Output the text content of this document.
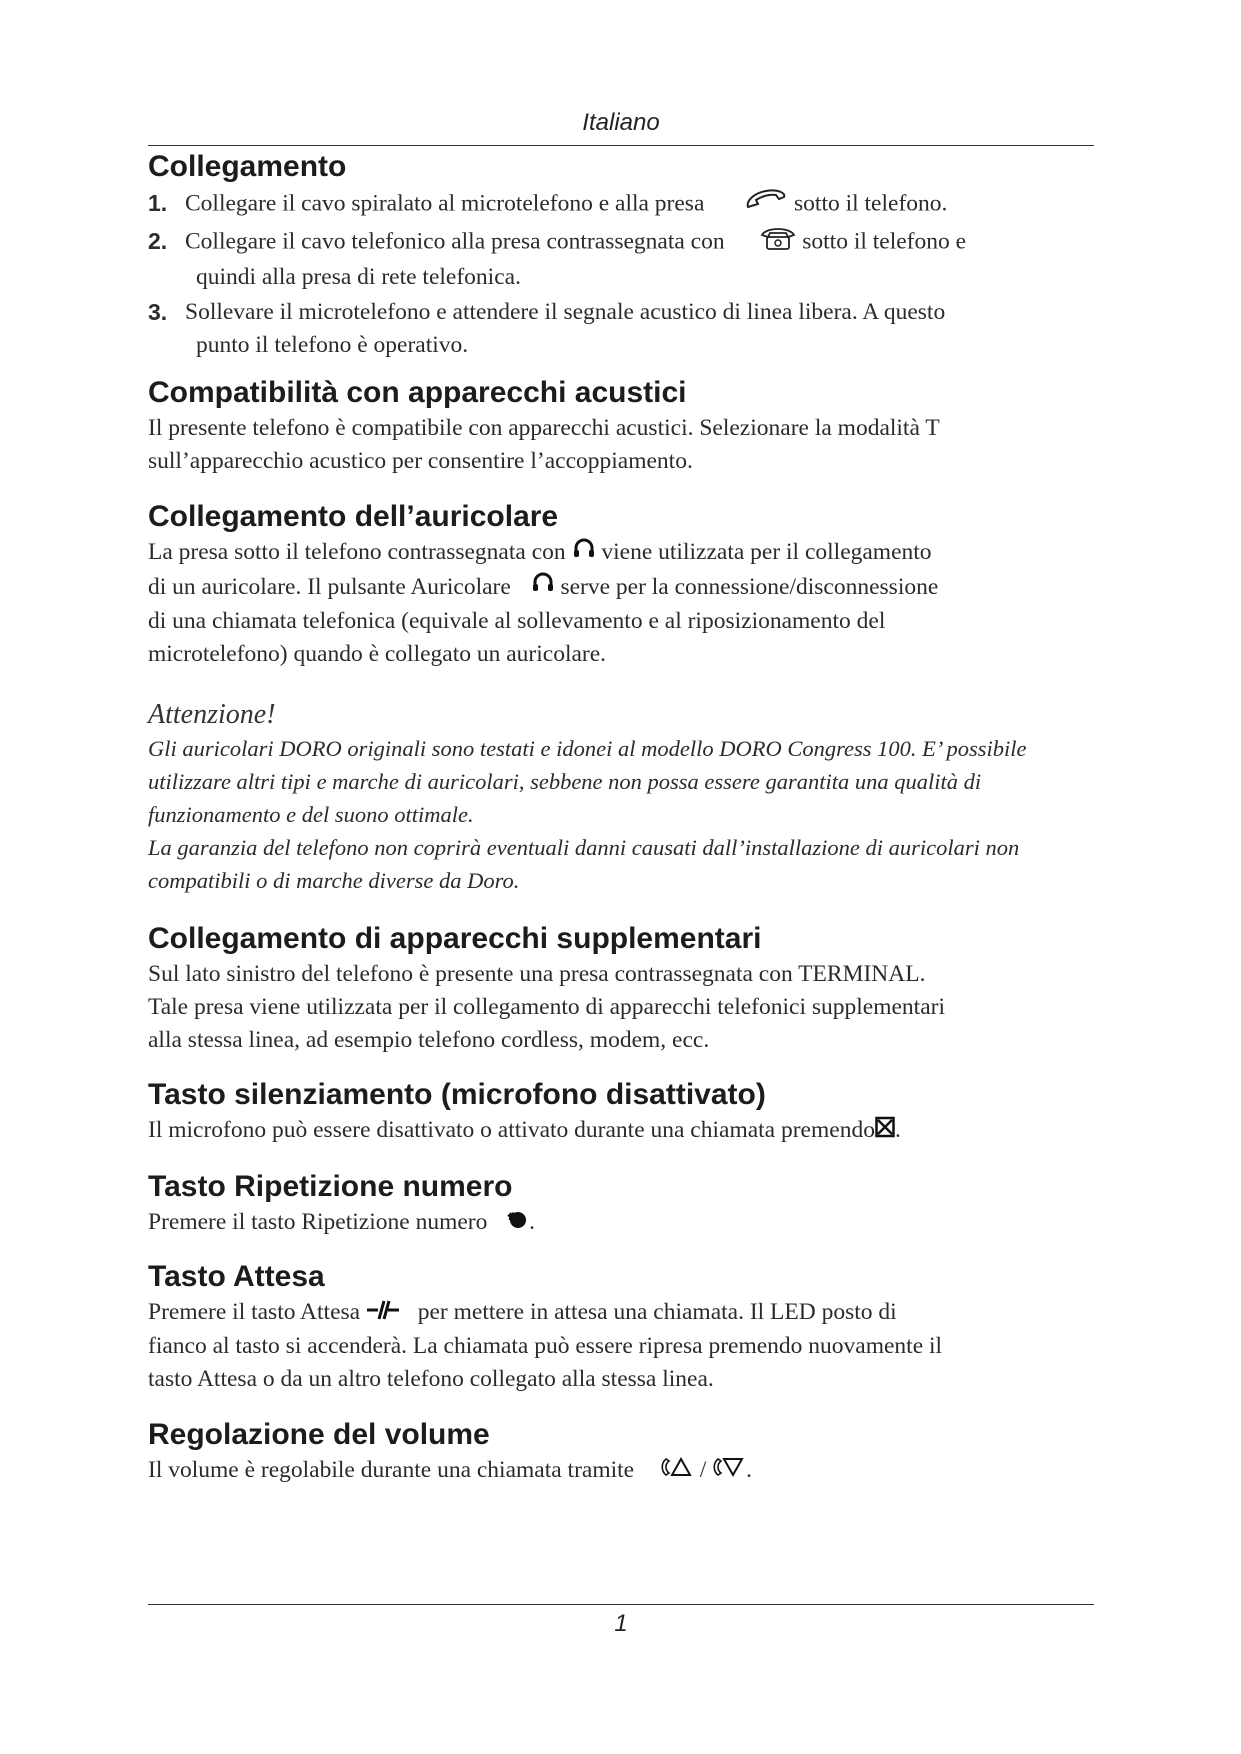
Italiano
Collegamento
1. Collegare il cavo spiralato al microtelefono e alla presa	sotto il telefono.
2. Collegare il cavo telefonico alla presa contrassegnata con	sotto il telefono e
quindi alla presa di rete telefonica.
3. Sollevare il microtelefono e attendere il segnale acustico di linea libera. A questo
punto il telefono è operativo.
Compatibilità con apparecchi acustici

Il presente telefono è compatibile con apparecchi acustici. Selezionare la modalità T

sull’apparecchio acustico per consentire l’accoppiamento.

Collegamento dell’auricolare

La presa sotto il telefono contrassegnata con viene utilizzata per il collegamento

di un auricolare. Il pulsante Auricolare serve per la connessione/disconnessione

di una chiamata telefonica (equivale al sollevamento e al riposizionamento del

microtelefono) quando è collegato un auricolare.

Attenzione!
Gli auricolari DORO originali sono testati e idonei al modello DORO Congress 100. E’ possibile
utilizzare altri tipi e marche di auricolari, sebbene non possa essere garantita una qualità di
funzionamento e del suono ottimale.
La garanzia del telefono non coprirà eventuali danni causati dall’installazione di auricolari non
compatibili o di marche diverse da Doro.
Collegamento di apparecchi supplementari

Sul lato sinistro del telefono è presente una presa contrassegnata con TERMINAL.

Tale presa viene utilizzata per il collegamento di apparecchi telefonici supplementari

alla stessa linea, ad esempio telefono cordless, modem, ecc.

Tasto silenziamento (microfono disattivato)

Il microfono può essere disattivato o attivato durante una chiamata premendo .

Tasto Ripetizione numero

Premere il tasto Ripetizione numero .

Tasto Attesa

Premere il tasto Attesa per mettere in attesa una chiamata. Il LED posto di

fianco al tasto si accenderà. La chiamata può essere ripresa premendo nuovamente il

tasto Attesa o da un altro telefono collegato alla stessa linea.

Regolazione del volume

Il volume è regolabile durante una chiamata tramite	/ .

1
